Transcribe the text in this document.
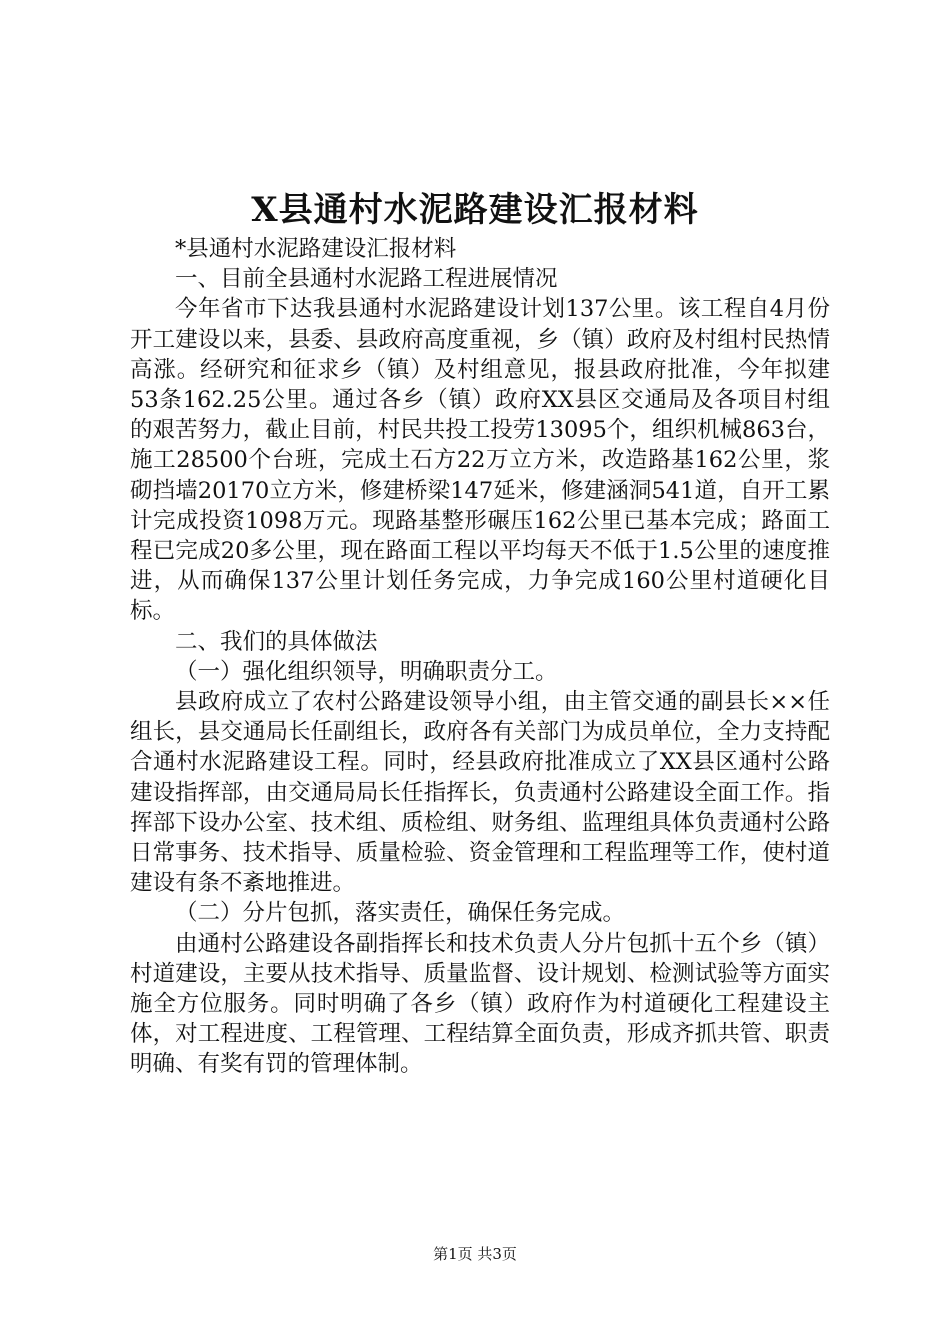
X县通村水泥路建设汇报材料

*县通村水泥路建设汇报材料

一、目前全县通村水泥路工程进展情况

今年省市下达我县通村水泥路建设计划137公里。该工程自4月份开工建设以来，县委、县政府高度重视，乡（镇）政府及村组村民热情高涨。经研究和征求乡（镇）及村组意见，报县政府批准，今年拟建53条162.25公里。通过各乡（镇）政府XX县区交通局及各项目村组的艰苦努力，截止目前，村民共投工投劳13095个，组织机械863台，施工28500个台班，完成土石方22万立方米，改造路基162公里，浆砌挡墙20170立方米，修建桥梁147延米，修建涵洞541道，自开工累计完成投资1098万元。现路基整形碾压162公里已基本完成；路面工程已完成20多公里，现在路面工程以平均每天不低于1.5公里的速度推进，从而确保137公里计划任务完成，力争完成160公里村道硬化目标。

二、我们的具体做法

（一）强化组织领导，明确职责分工。

县政府成立了农村公路建设领导小组，由主管交通的副县长××任组长，县交通局长任副组长，政府各有关部门为成员单位，全力支持配合通村水泥路建设工程。同时，经县政府批准成立了XX县区通村公路建设指挥部，由交通局局长任指挥长，负责通村公路建设全面工作。指挥部下设办公室、技术组、质检组、财务组、监理组具体负责通村公路日常事务、技术指导、质量检验、资金管理和工程监理等工作，使村道建设有条不紊地推进。

（二）分片包抓，落实责任，确保任务完成。

由通村公路建设各副指挥长和技术负责人分片包抓十五个乡（镇）村道建设，主要从技术指导、质量监督、设计规划、检测试验等方面实施全方位服务。同时明确了各乡（镇）政府作为村道硬化工程建设主体，对工程进度、工程管理、工程结算全面负责，形成齐抓共管、职责明确、有奖有罚的管理体制。

第1页 共3页
